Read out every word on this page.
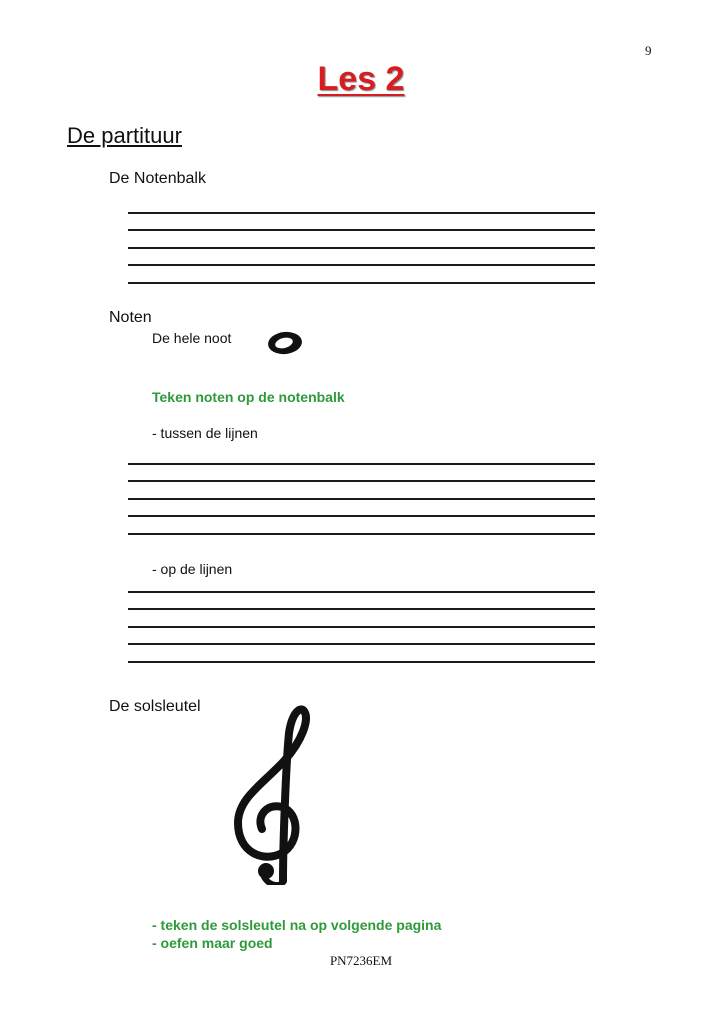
9
Les 2
De partituur
De Notenbalk
Noten
De hele noot
Teken noten op de notenbalk
- tussen de lijnen
- op de lijnen
De solsleutel
- teken de solsleutel na op volgende pagina
- oefen maar goed
PN7236EM
